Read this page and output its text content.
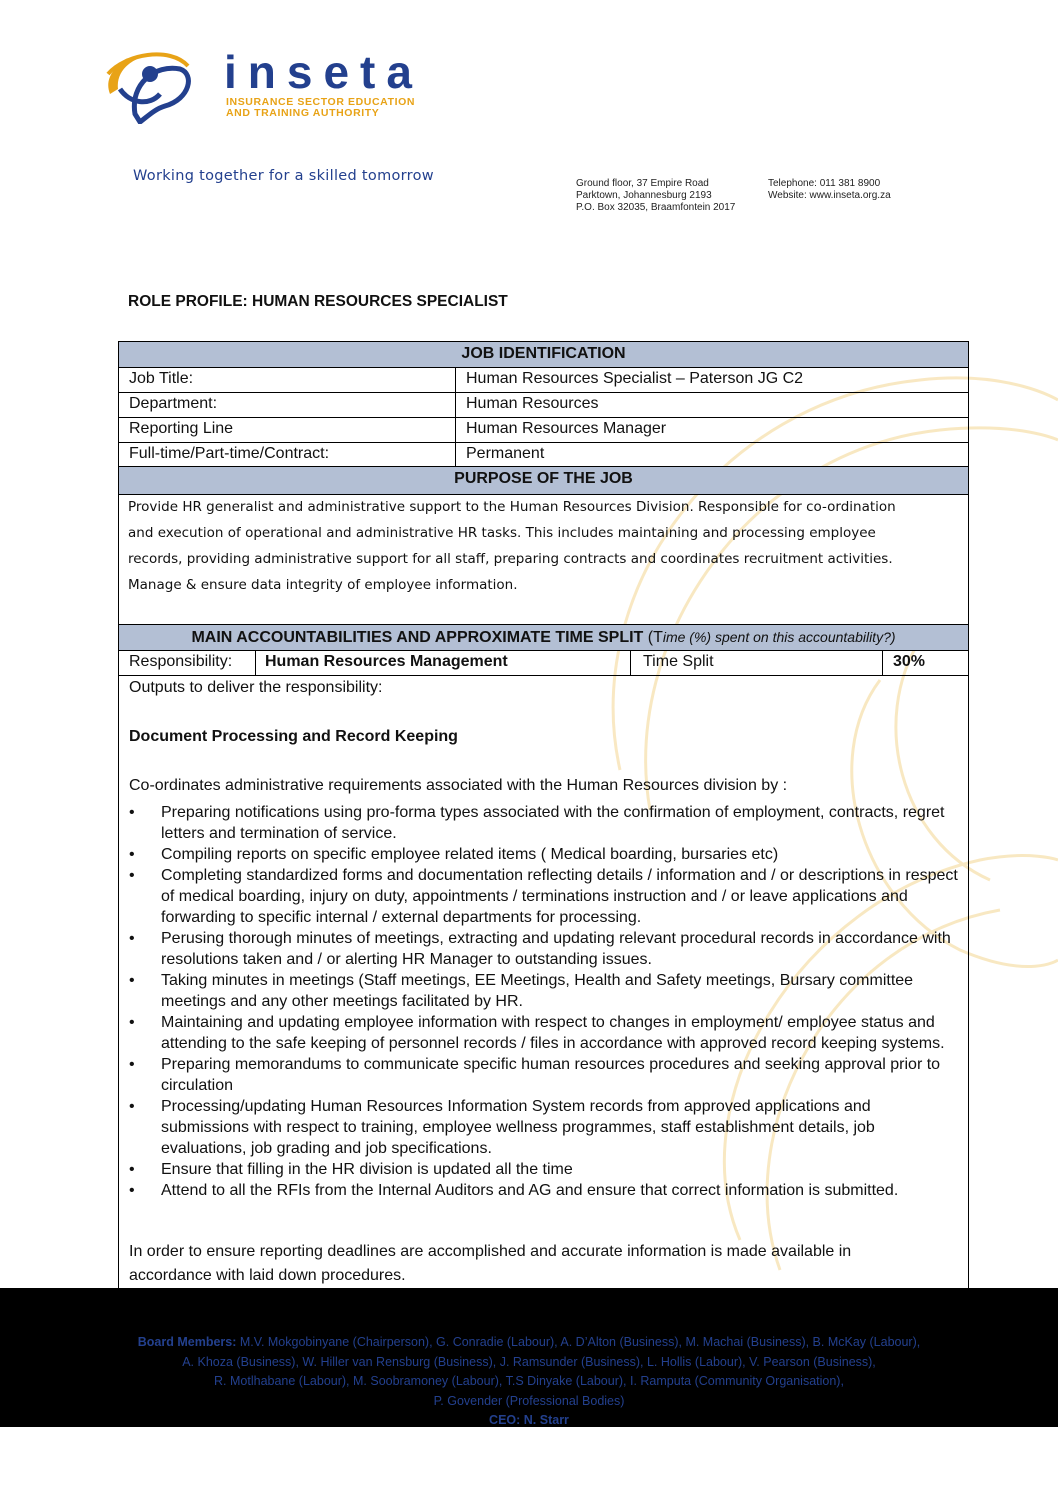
inseta
INSURANCE SECTOR EDUCATION
AND TRAINING AUTHORITY
Working together for a skilled tomorrow	Ground floor, 37 Empire Road
Parktown, Johannesburg 2193
P.O. Box 32035, Braamfontein 2017
Telephone: 011 381 8900
Website: www.inseta.org.za
ROLE PROFILE: HUMAN RESOURCES SPECIALIST
JOB IDENTIFICATION
Job Title:	Human Resources Specialist – Paterson JG C2
Department:	Human Resources
Reporting Line	Human Resources Manager
Full-time/Part-time/Contract:	Permanent
PURPOSE OF THE JOB
Provide HR generalist and administrative support to the Human Resources Division. Responsible for co-ordination
and execution of operational and administrative HR tasks. This includes maintaining and processing employee
records, providing administrative support for all staff, preparing contracts and coordinates recruitment activities.
Manage & ensure data integrity of employee information.
MAIN ACCOUNTABILITIES AND APPROXIMATE TIME SPLIT (Time (%) spent on this accountability?)
Responsibility: Human Resources Management	Time Split	30%
Outputs to deliver the responsibility:
Document Processing and Record Keeping
Co-ordinates administrative requirements associated with the Human Resources division by :
• Preparing notifications using pro-forma types associated with the confirmation of employment, contracts, regret letters and termination of service.
• Compiling reports on specific employee related items ( Medical boarding, bursaries etc)
• Completing standardized forms and documentation reflecting details / information and / or descriptions in respect of medical boarding, injury on duty, appointments / terminations instruction and / or leave applications and forwarding to specific internal / external departments for processing.
• Perusing thorough minutes of meetings, extracting and updating relevant procedural records in accordance with resolutions taken and / or alerting HR Manager to outstanding issues.
• Taking minutes in meetings (Staff meetings, EE Meetings, Health and Safety meetings, Bursary committee meetings and any other meetings facilitated by HR.
• Maintaining and updating employee information with respect to changes in employment/ employee status and attending to the safe keeping of personnel records / files in accordance with approved record keeping systems.
• Preparing memorandums to communicate specific human resources procedures and seeking approval prior to circulation
• Processing/updating Human Resources Information System records from approved applications and submissions with respect to training, employee wellness programmes, staff establishment details, job evaluations, job grading and job specifications.
• Ensure that filling in the HR division is updated all the time
• Attend to all the RFIs from the Internal Auditors and AG and ensure that correct information is submitted.
In order to ensure reporting deadlines are accomplished and accurate information is made available in
accordance with laid down procedures.
Board Members: M.V. Mokgobinyane (Chairperson), G. Conradie (Labour), A. D’Alton (Business), M. Machai (Business), B. McKay (Labour),
A. Khoza (Business), W. Hiller van Rensburg (Business), J. Ramsunder (Business), L. Hollis (Labour), V. Pearson (Business),
R. Motlhabane (Labour), M. Soobramoney (Labour), T.S Dinyake (Labour), I. Ramputa (Community Organisation),
P. Govender (Professional Bodies)
CEO: N. Starr
